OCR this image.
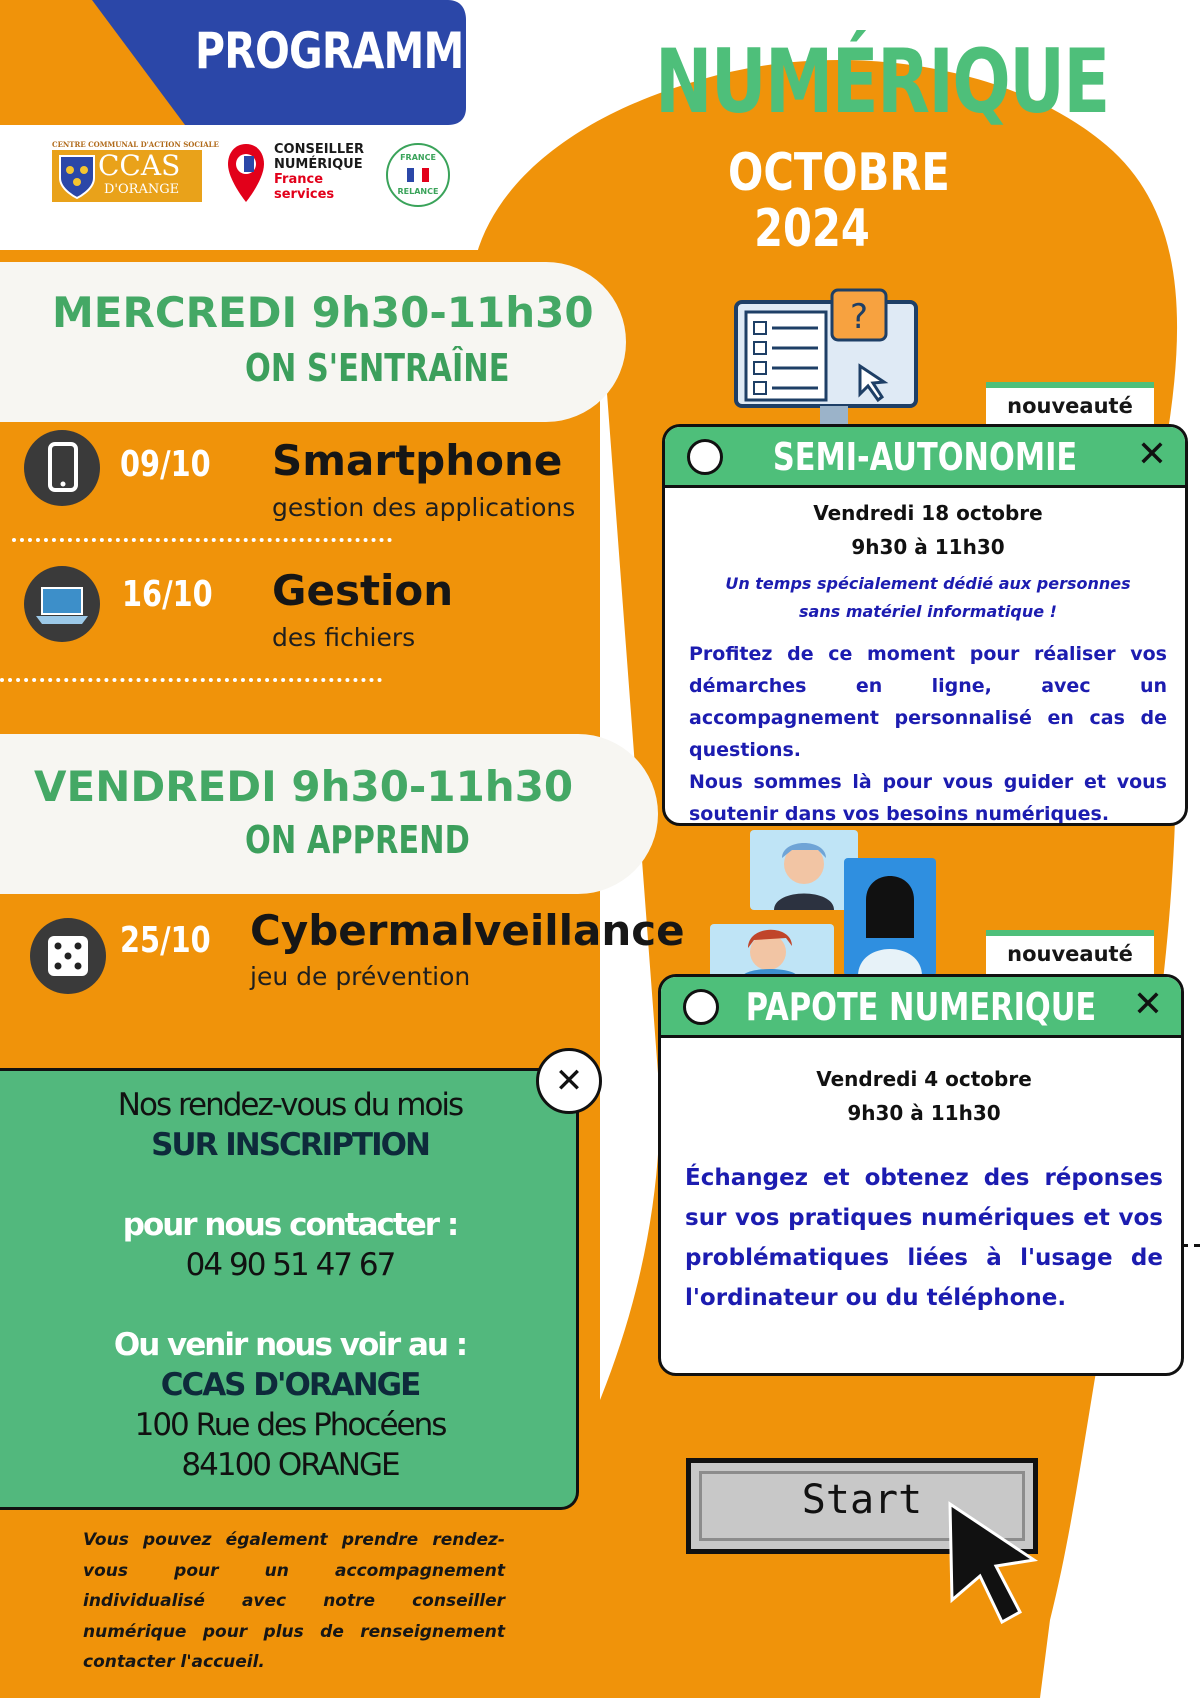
PROGRAMME
CENTRE COMMUNAL D'ACTION SOCIALE
CCAS
D'ORANGE
CONSEILLER
NUMÉRIQUE
France
services
FRANCE
RELANCE
NUMÉRIQUE
OCTOBRE
2024
MERCREDI 9h30-11h30
ON S'ENTRAÎNE
09/10 Smartphone
gestion des applications
16/10 Gestion
des fichiers
VENDREDI 9h30-11h30
ON APPREND
25/10 Cybermalveillance
jeu de prévention
?
nouveauté
SEMI-AUTONOMIE	✕
Vendredi 18 octobre
9h30 à 11h30
Un temps spécialement dédié aux personnes sans matériel informatique !
Profitez de ce moment pour réaliser vos démarches en ligne, avec un accompagnement personnalisé en cas de questions.
Nous sommes là pour vous guider et vous soutenir dans vos besoins numériques.
nouveauté
PAPOTE NUMERIQUE	✕
Vendredi 4 octobre
9h30 à 11h30
Échangez et obtenez des réponses sur vos pratiques numériques et vos problématiques liées à l'usage de l'ordinateur ou du téléphone.
Nos rendez-vous du mois
SUR INSCRIPTION
pour nous contacter :
04 90 51 47 67
Ou venir nous voir au :
CCAS D'ORANGE
100 Rue des Phocéens
84100 ORANGE
✕
Vous pouvez également prendre rendez-vous pour un accompagnement individualisé avec notre conseiller numérique pour plus de renseignement contacter l'accueil.
Start
